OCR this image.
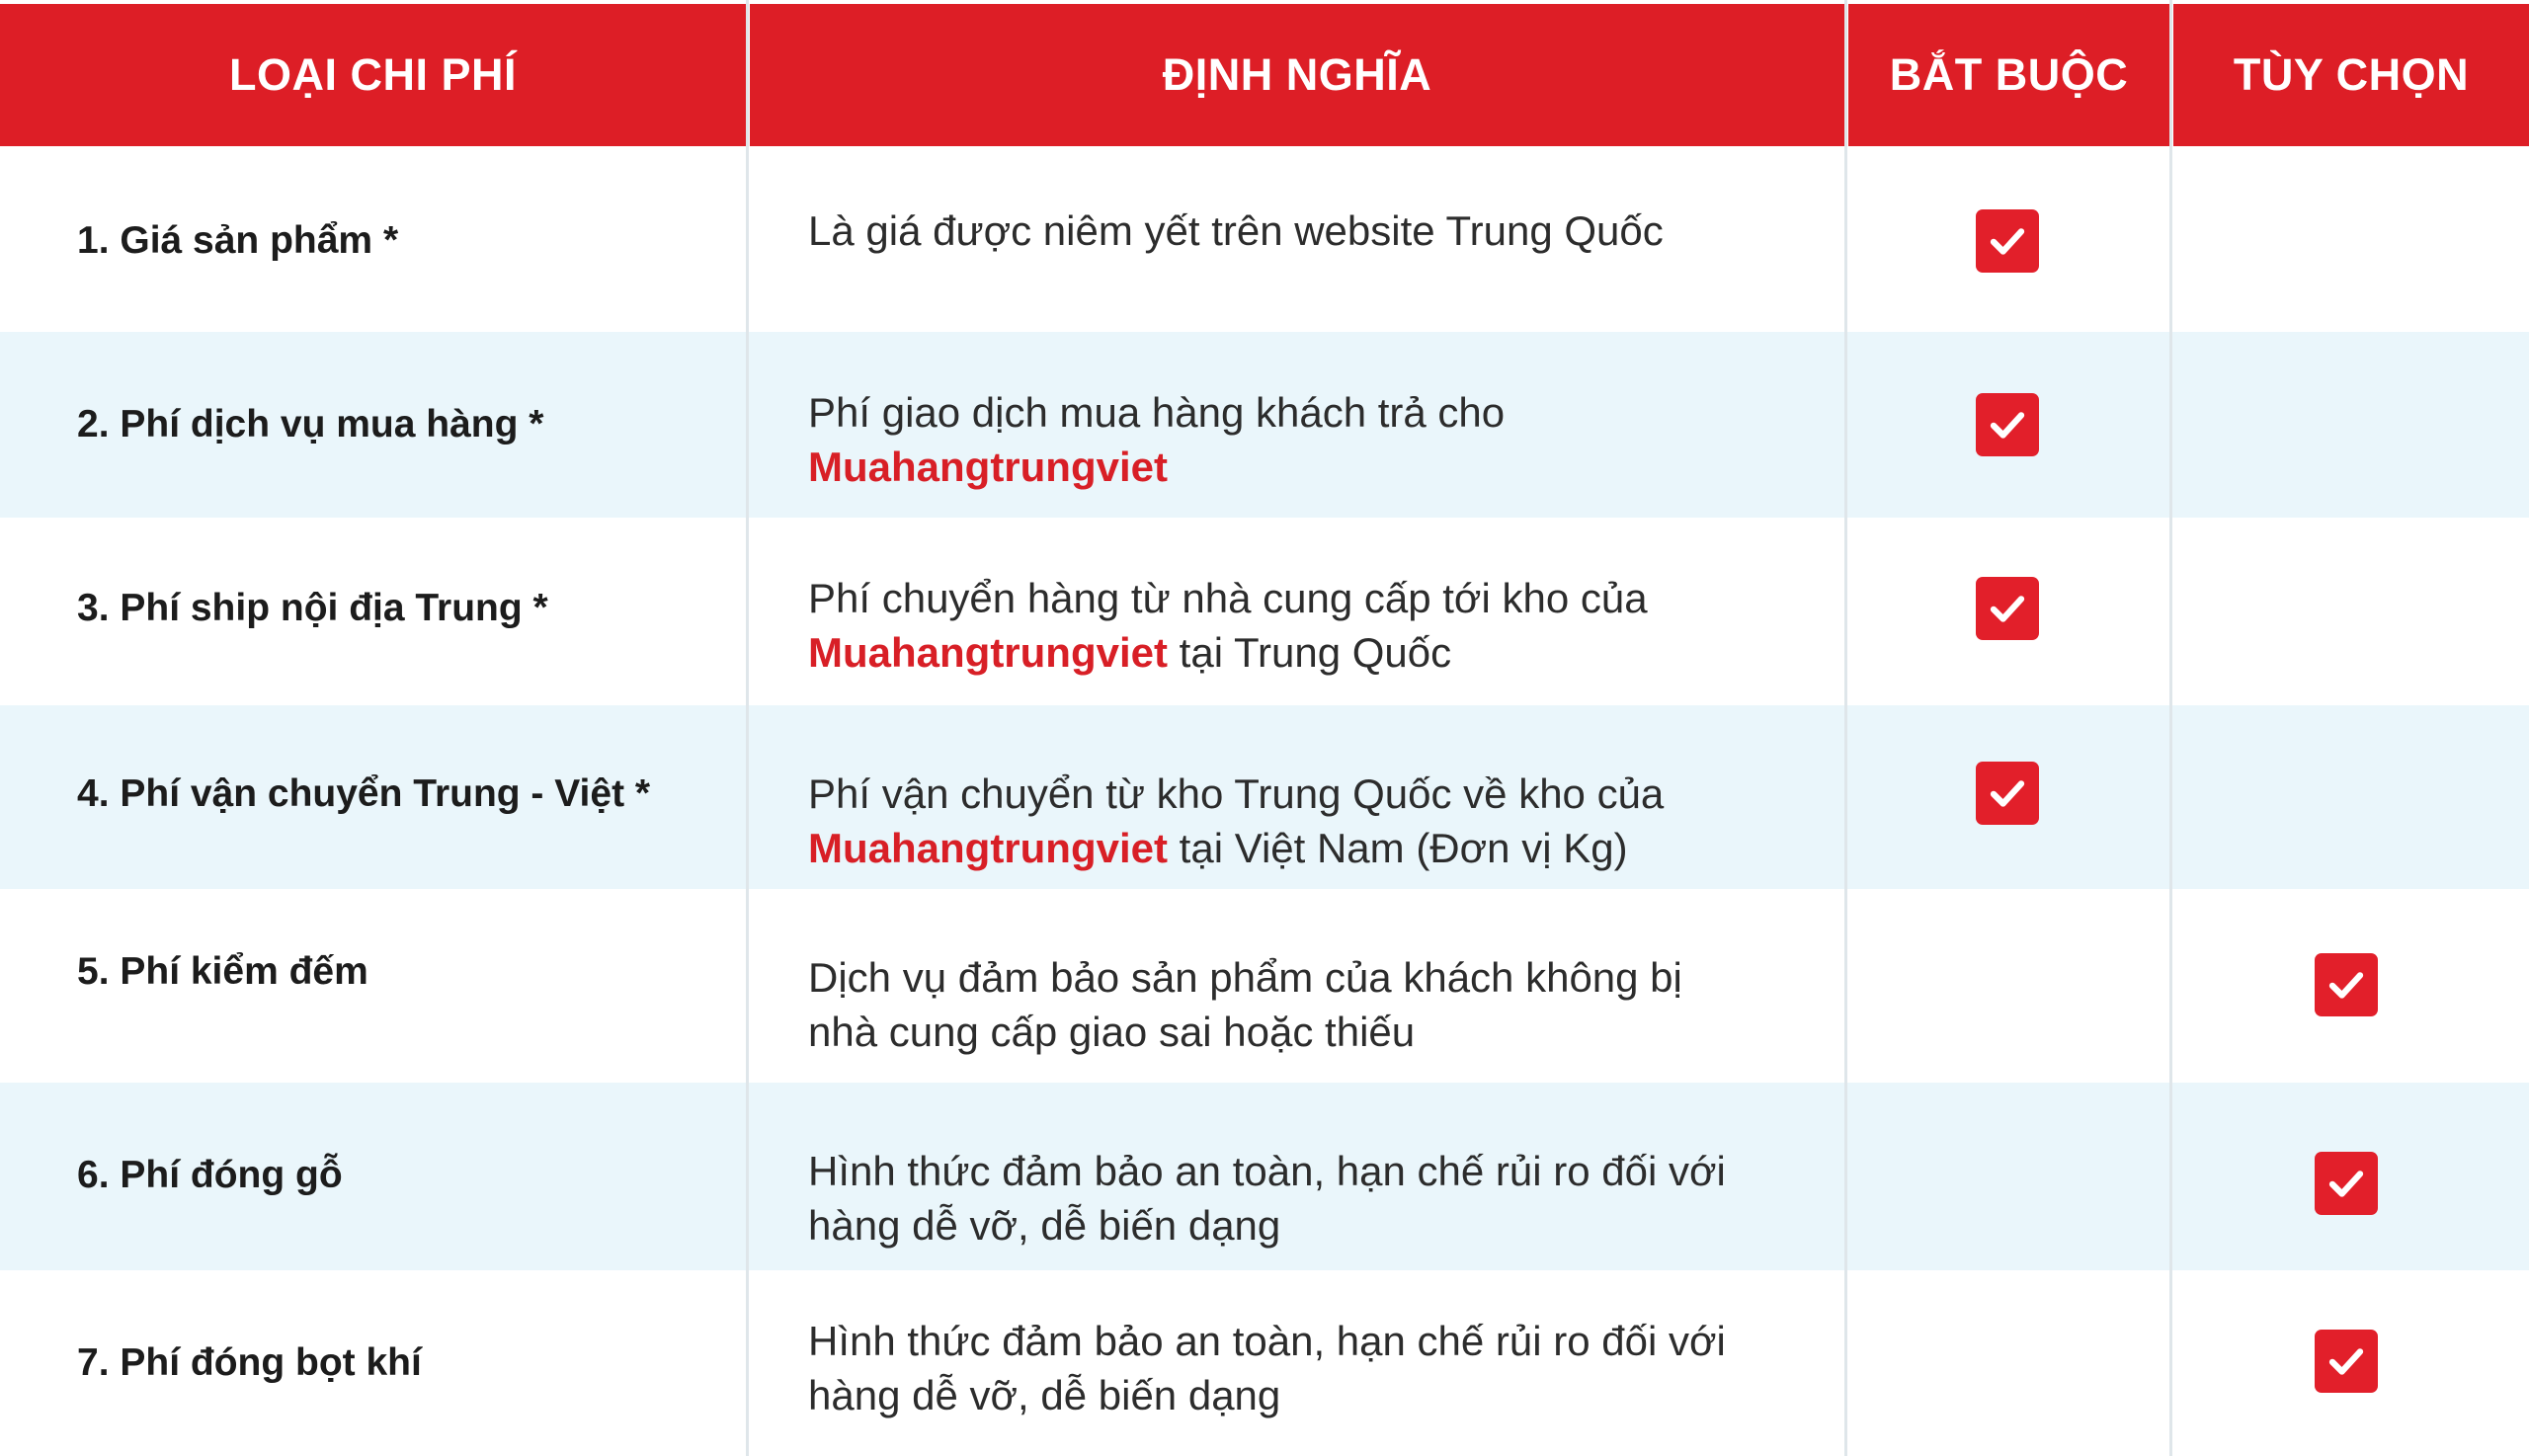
LOẠI CHI PHÍ	ĐỊNH NGHĨA	BẮT BUỘC	TÙY CHỌN
1. Giá sản phẩm *	Là giá được niêm yết trên website Trung Quốc
2. Phí dịch vụ mua hàng *	Phí giao dịch mua hàng khách trả cho
Muahangtrungviet
3. Phí ship nội địa Trung *	Phí chuyển hàng từ nhà cung cấp tới kho của
Muahangtrungviet tại Trung Quốc
4. Phí vận chuyển Trung - Việt *	Phí vận chuyển từ kho Trung Quốc về kho của
Muahangtrungviet tại Việt Nam (Đơn vị Kg)
5. Phí kiểm đếm	Dịch vụ đảm bảo sản phẩm của khách không bị
nhà cung cấp giao sai hoặc thiếu
6. Phí đóng gỗ	Hình thức đảm bảo an toàn, hạn chế rủi ro đối với
hàng dễ vỡ, dễ biến dạng
7. Phí đóng bọt khí	Hình thức đảm bảo an toàn, hạn chế rủi ro đối với
hàng dễ vỡ, dễ biến dạng
